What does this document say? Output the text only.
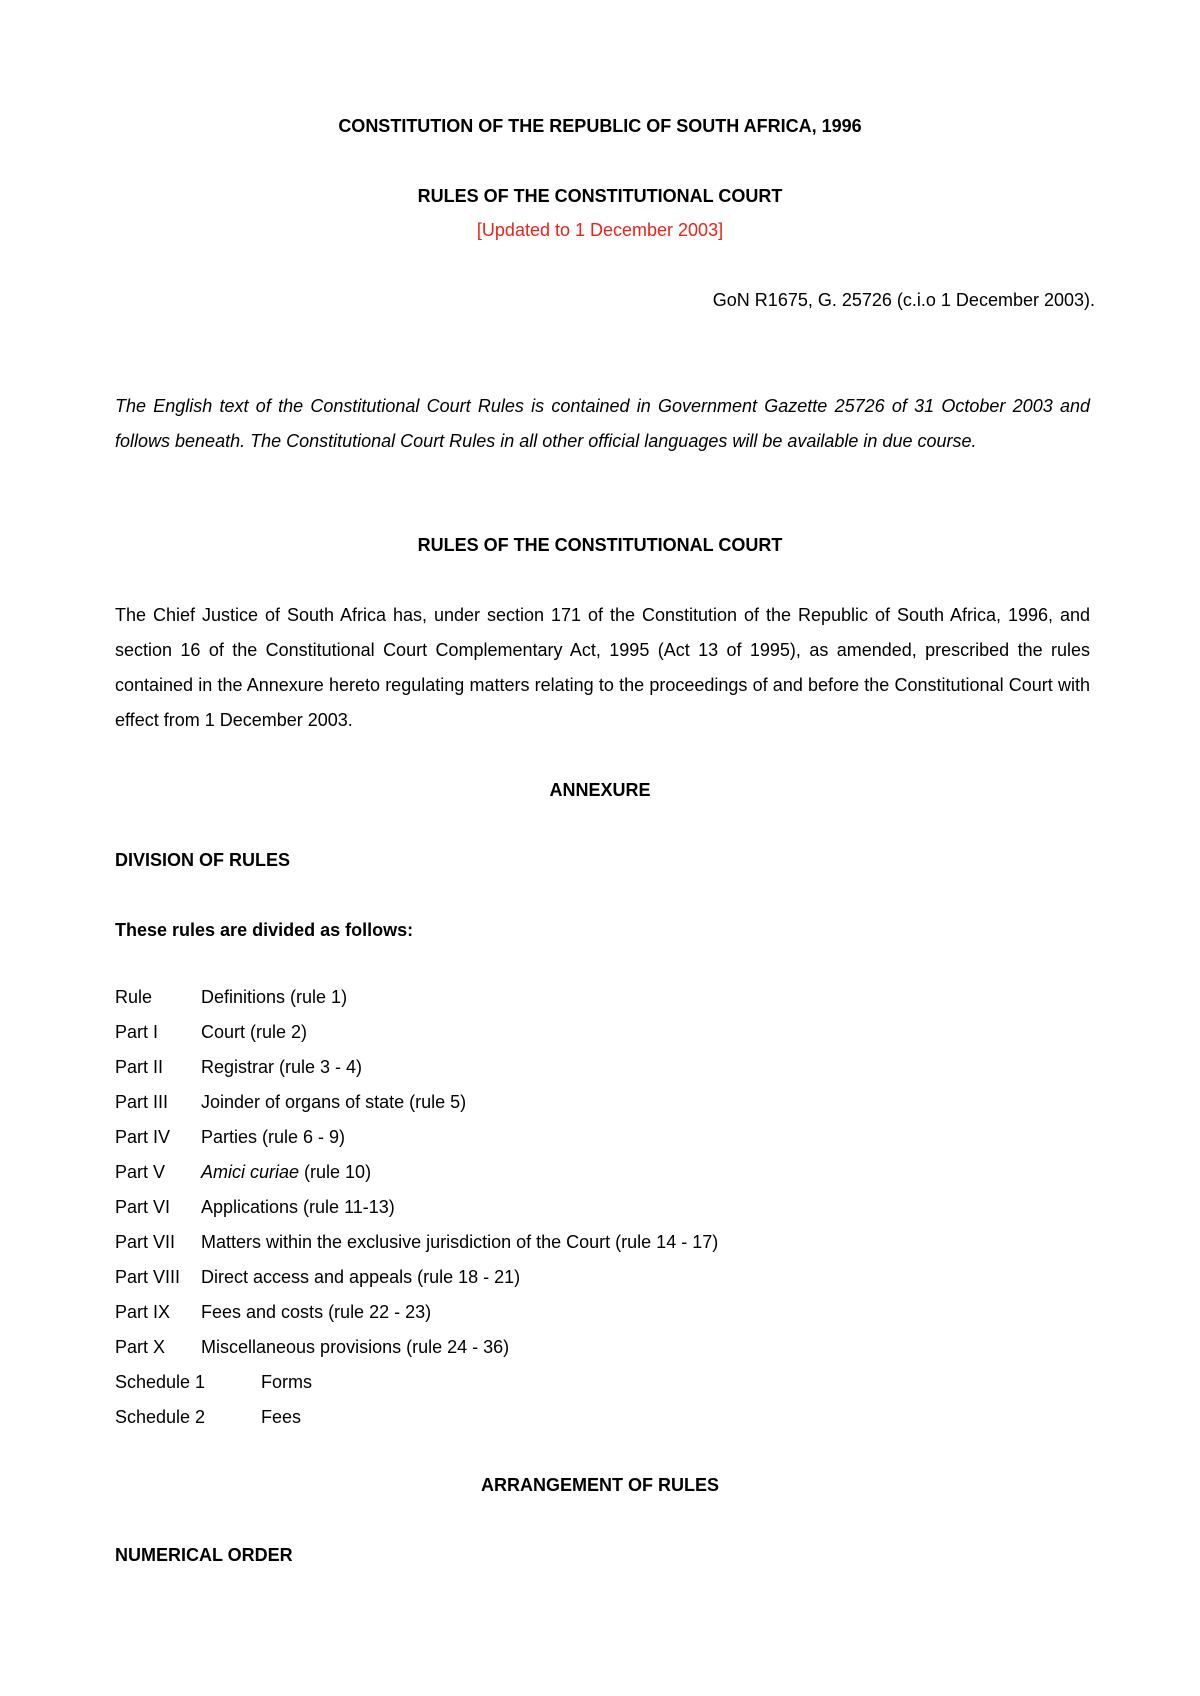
CONSTITUTION OF THE REPUBLIC OF SOUTH AFRICA, 1996
RULES OF THE CONSTITUTIONAL COURT
[Updated to 1 December 2003]
GoN R1675, G. 25726 (c.i.o 1 December 2003).
The English text of the Constitutional Court Rules is contained in Government Gazette 25726 of 31 October 2003 and follows beneath. The Constitutional Court Rules in all other official languages will be available in due course.
RULES OF THE CONSTITUTIONAL COURT
The Chief Justice of South Africa has, under section 171 of the Constitution of the Republic of South Africa, 1996, and section 16 of the Constitutional Court Complementary Act, 1995 (Act 13 of 1995), as amended, prescribed the rules contained in the Annexure hereto regulating matters relating to the proceedings of and before the Constitutional Court with effect from 1 December 2003.
ANNEXURE
DIVISION OF RULES
These rules are divided as follows:
Rule	Definitions (rule 1)
Part I Court (rule 2)
Part II Registrar (rule 3 - 4)
Part III Joinder of organs of state (rule 5)
Part IV Parties (rule 6 - 9)
Part V Amici curiae (rule 10)
Part VI Applications (rule 11-13)
Part VII Matters within the exclusive jurisdiction of the Court (rule 14 - 17)
Part VIII Direct access and appeals (rule 18 - 21)
Part IX Fees and costs (rule 22 - 23)
Part X Miscellaneous provisions (rule 24 - 36)
Schedule 1	Forms
Schedule 2	Fees
ARRANGEMENT OF RULES
NUMERICAL ORDER
